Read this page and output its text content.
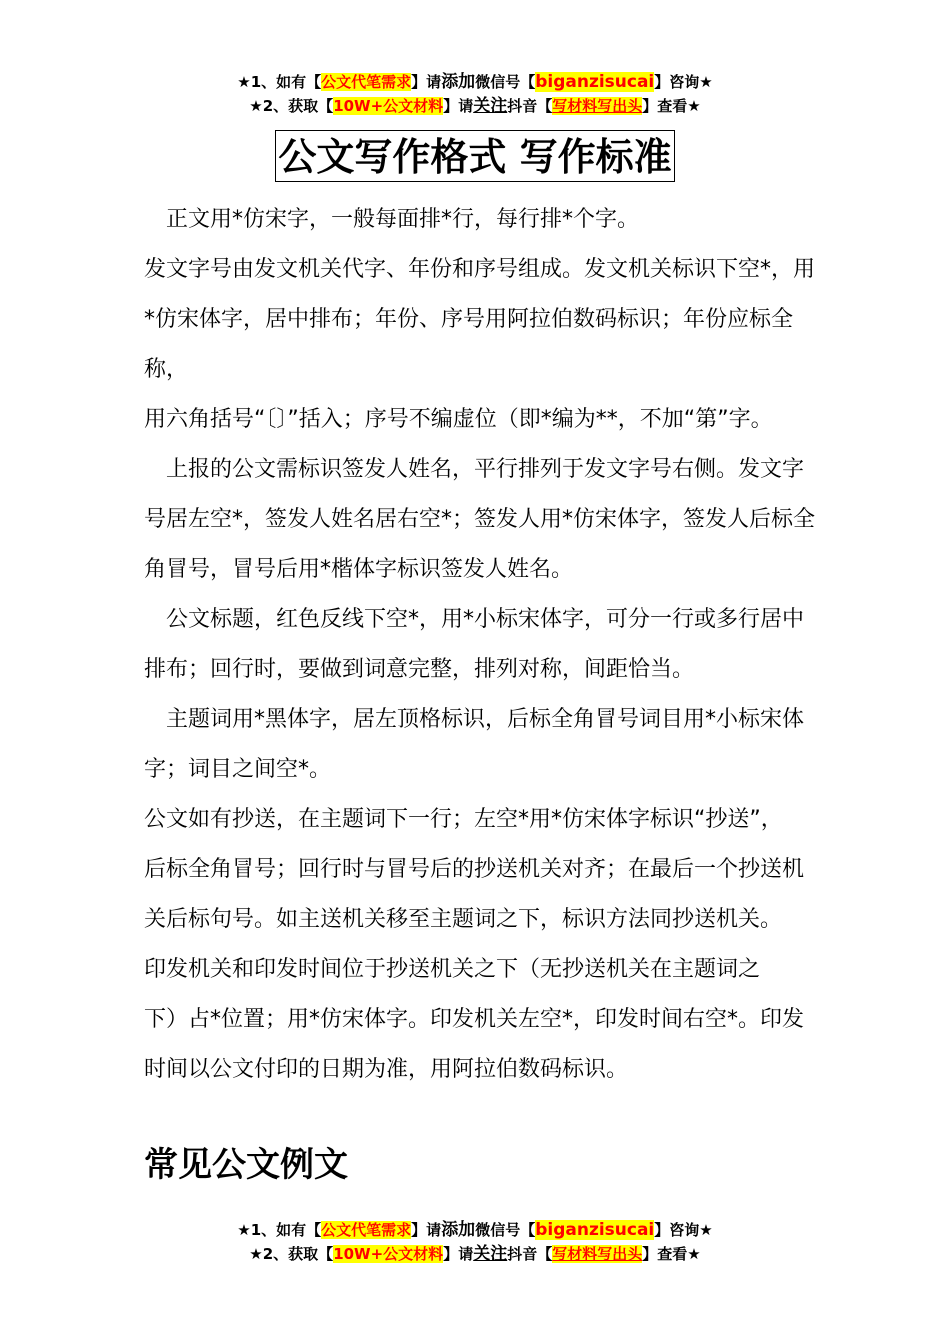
★1、如有【公文代笔需求】请添加微信号【biganzisucai】咨询★
★2、获取【10W+公文材料】请关注抖音【写材料写出头】查看★
公文写作格式 写作标准

　正文用*仿宋字，一般每面排*行，每行排*个字。

发文字号由发文机关代字、年份和序号组成。发文机关标识下空*，用

*仿宋体字，居中排布；年份、序号用阿拉伯数码标识；年份应标全称，

用六角括号“〔〕”括入；序号不编虚位（即*编为**，不加“第”字。

　上报的公文需标识签发人姓名，平行排列于发文字号右侧。发文字

号居左空*，签发人姓名居右空*；签发人用*仿宋体字，签发人后标全

角冒号，冒号后用*楷体字标识签发人姓名。

　公文标题，红色反线下空*，用*小标宋体字，可分一行或多行居中

排布；回行时，要做到词意完整，排列对称，间距恰当。

　主题词用*黑体字，居左顶格标识，后标全角冒号词目用*小标宋体

字；词目之间空*。

公文如有抄送，在主题词下一行；左空*用*仿宋体字标识“抄送”，

后标全角冒号；回行时与冒号后的抄送机关对齐；在最后一个抄送机

关后标句号。如主送机关移至主题词之下，标识方法同抄送机关。

印发机关和印发时间位于抄送机关之下（无抄送机关在主题词之

下）占*位置；用*仿宋体字。印发机关左空*，印发时间右空*。印发

时间以公文付印的日期为准，用阿拉伯数码标识。

常见公文例文
★1、如有【公文代笔需求】请添加微信号【biganzisucai】咨询★
★2、获取【10W+公文材料】请关注抖音【写材料写出头】查看★
